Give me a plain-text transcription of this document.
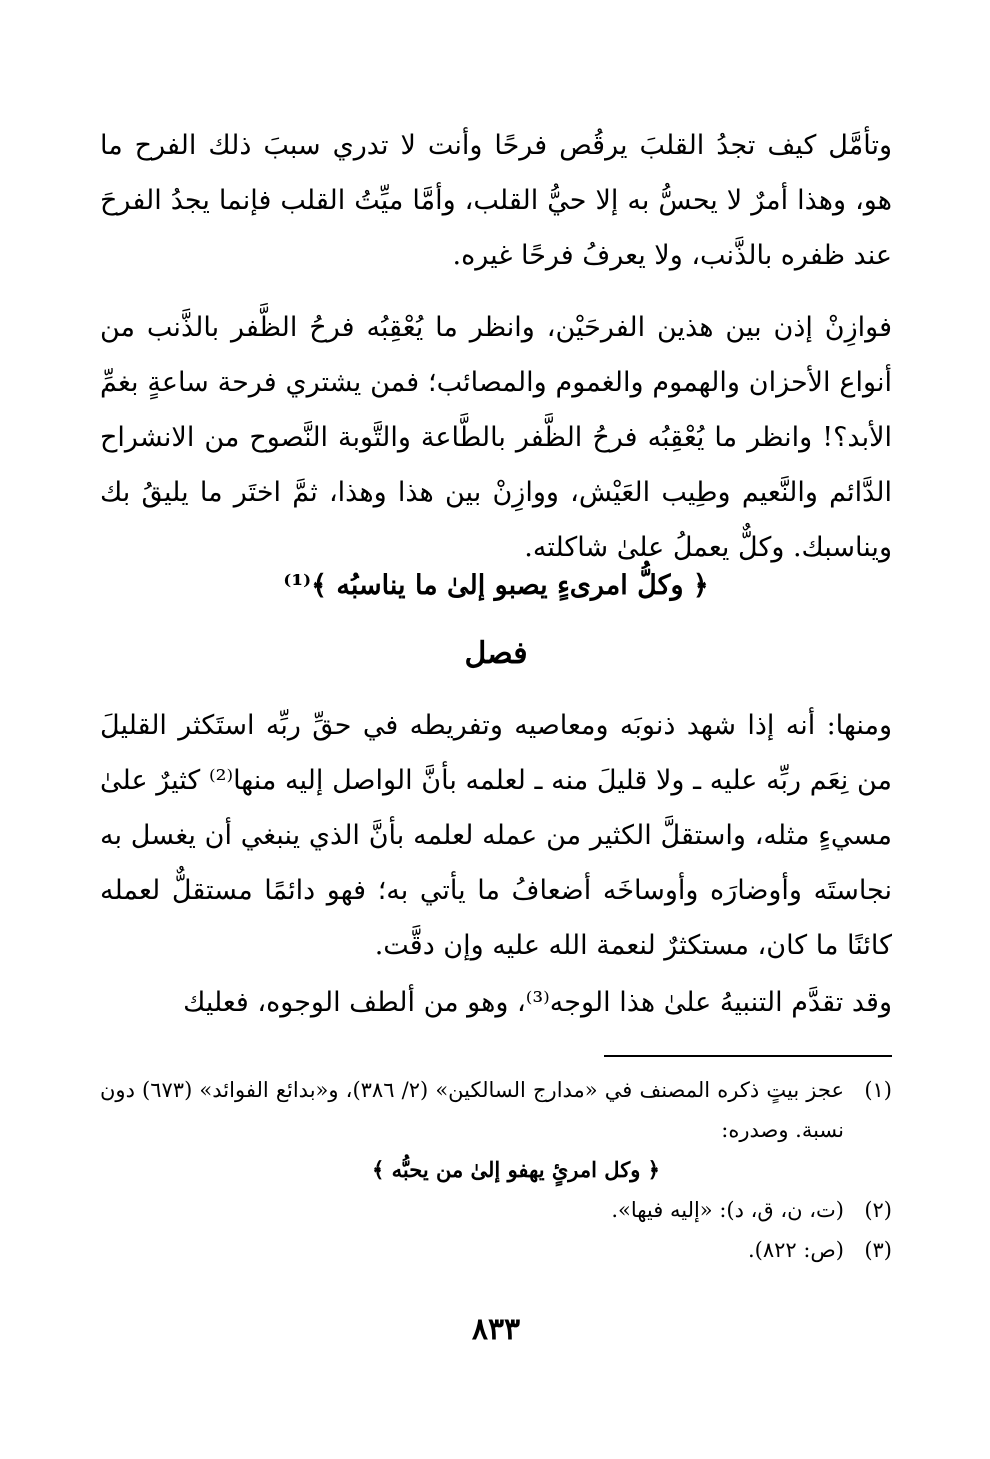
وتأمَّل كيف تجدُ القلبَ يرقُص فرحًا وأنت لا تدري سببَ ذلك الفرح ما هو، وهذا أمرٌ لا يحسُّ به إلا حيُّ القلب، وأمَّا ميِّتُ القلب فإنما يجدُ الفرحَ عند ظفره بالذَّنب، ولا يعرفُ فرحًا غيره.

فوازِنْ إذن بين هذين الفرحَيْن، وانظر ما يُعْقِبُه فرحُ الظَّفر بالذَّنب من أنواع الأحزان والهموم والغموم والمصائب؛ فمن يشتري فرحة ساعةٍ بغمِّ الأبد؟! وانظر ما يُعْقِبُه فرحُ الظَّفر بالطَّاعة والتَّوبة النَّصوح من الانشراح الدَّائم والنَّعيم وطِيب العَيْش، ووازِنْ بين هذا وهذا، ثمَّ اختَر ما يليقُ بك ويناسبك. وكلٌّ يعملُ علىٰ شاكلته.

﴿ وكلُّ امرىءٍ يصبو إلىٰ ما يناسبُه ﴾⁽¹⁾
فصل

ومنها: أنه إذا شهد ذنوبَه ومعاصيه وتفريطه في حقِّ ربِّه استَكثر القليلَ من نِعَم ربِّه عليه ـ ولا قليلَ منه ـ لعلمه بأنَّ الواصل إليه منها⁽²⁾ كثيرٌ علىٰ مسيءٍ مثله، واستقلَّ الكثير من عمله لعلمه بأنَّ الذي ينبغي أن يغسل به نجاستَه وأوضارَه وأوساخَه أضعافُ ما يأتي به؛ فهو دائمًا مستقلٌّ لعمله كائنًا ما كان، مستكثرٌ لنعمة الله عليه وإن دقَّت.

وقد تقدَّم التنبيهُ علىٰ هذا الوجه⁽³⁾، وهو من ألطف الوجوه، فعليك

(١)
عجز بيتٍ ذكره المصنف في «مدارج السالكين» (٢/ ٣٨٦)، و«بدائع الفوائد» (٦٧٣) دون نسبة. وصدره:
﴿ وكل امرئٍ يهفو إلىٰ من يحبُّه ﴾
(٢)
(ت، ن، ق، د): «إليه فيها».
(٣)
(ص: ٨٢٢).
٨٣٣
